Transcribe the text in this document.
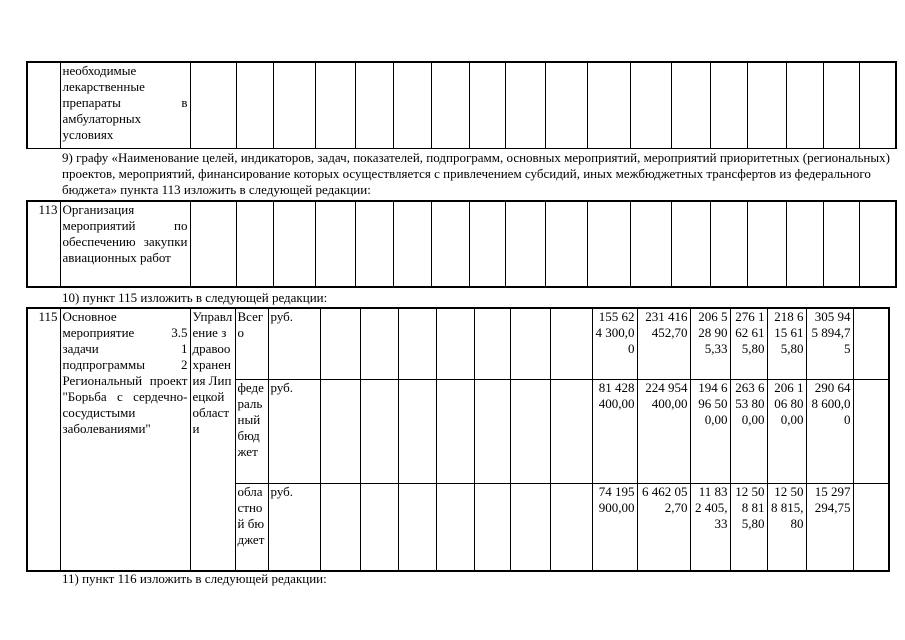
	необходимые лекарственные препараты в амбулаторных условиях																		
9) графу «Наименование целей, индикаторов, задач, показателей, подпрограмм, основных мероприятий, мероприятий приоритетных (региональных) проектов, мероприятий, финансирование которых осуществляется с привлечением субсидий, иных межбюджетных трансфертов из федерального бюджета» пункта 113 изложить в следующей редакции:
113	Организация мероприятий по обеспечению закупки авиационных работ																		
10) пункт 115 изложить в следующей редакции:
115	Основное мероприятие 3.5 задачи 1 подпрограммы 2 Региональный проект "Борьба с сердечно-сосудистыми заболеваниями"	Управление здравоохранения Липецкой области	Всего	руб.								155 624 300,00	231 416 452,70	206 528 905,33	276 162 615,80	218 615 615,80	305 945 894,75	

			федеральный бюджет	руб.								81 428 400,00	224 954 400,00	194 696 500,00	263 653 800,00	206 106 800,00	290 648 600,00	

			областной бюджет	руб.								74 195 900,00	6 462 052,70	11 832 405,33	12 508 815,80	12 508 815,80	15 297 294,75	

11) пункт 116 изложить в следующей редакции:
